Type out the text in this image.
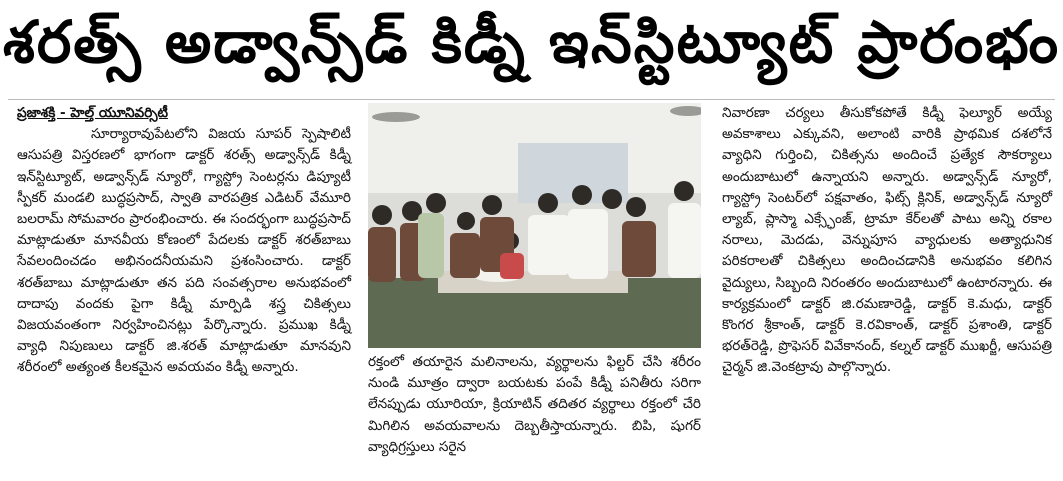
శరత్స్ అడ్వాన్స్‌డ్ కిడ్నీ ఇన్‌స్టిట్యూట్ ప్రారంభం

ప్రజాశక్తి - హెల్త్ యూనివర్సిటీ

సూర్యారావుపేటలోని విజయ సూపర్ స్పెషాలిటీ ఆసుపత్రి విస్తరణలో భాగంగా డాక్టర్ శరత్స్ అడ్వాన్స్‌డ్ కిడ్నీ ఇన్‌స్టిట్యూట్, అడ్వాన్స్‌డ్ న్యూరో, గ్యాస్ట్రో సెంటర్లను డిప్యూటీ స్పీకర్ మండలి బుద్ధప్రసాద్, స్వాతి వారపత్రిక ఎడిటర్ వేమూరి బలరామ్ సోమవారం ప్రారంభించారు. ఈ సందర్భంగా బుద్ధప్రసాద్ మాట్లాడుతూ మానవీయ కోణంలో పేదలకు డాక్టర్ శరత్‌బాబు సేవలందించడం అభినందనీయమని ప్రశంసించారు. డాక్టర్ శరత్‌బాబు మాట్లాడుతూ తన పది సంవత్సరాల అనుభవంలో దాదాపు వందకు పైగా కిడ్నీ మార్పిడి శస్త్ర చికిత్సలు విజయవంతంగా నిర్వహించినట్లు పేర్కొన్నారు. ప్రముఖ కిడ్నీ వ్యాధి నిపుణులు డాక్టర్ జి.శరత్ మాట్లాడుతూ మానవుని శరీరంలో అత్యంత కీలకమైన అవయవం కిడ్నీ అన్నారు.	రక్తంలో తయారైన మలినాలను, వ్యర్థాలను ఫిల్టర్ చేసి శరీరం నుండి మూత్రం ద్వారా బయటకు పంపే కిడ్నీ పనితీరు సరిగా లేనప్పుడు యూరియా, క్రియాటిన్ తదితర వ్యర్థాలు రక్తంలో చేరి మిగిలిన అవయవాలను దెబ్బతీస్తాయన్నారు. బిపి, షుగర్ వ్యాధిగ్రస్తులు సరైన

నివారణా చర్యలు తీసుకోకపోతే కిడ్నీ ఫెల్యూర్ అయ్యే అవకాశాలు ఎక్కువని, అలాంటి వారికి ప్రాథమిక దశలోనే వ్యాధిని గుర్తించి, చికిత్సను అందించే ప్రత్యేక సౌకర్యాలు అందుబాటులో ఉన్నాయని అన్నారు. అడ్వాన్స్‌డ్ న్యూరో, గ్యాస్ట్రో సెంటర్‌లో పక్షవాతం, ఫిట్స్ క్లినిక్, అడ్వాన్స్‌డ్ న్యూరో ల్యాబ్, ప్లాస్మా ఎక్స్ఛేంజ్, ట్రామా కేర్‌లతో పాటు అన్ని రకాల నరాలు, మెదడు, వెన్నుపూస వ్యాధులకు అత్యాధునిక పరికరాలతో చికిత్సలు అందించడానికి అనుభవం కలిగిన వైద్యులు, సిబ్బంది నిరంతరం అందుబాటులో ఉంటారన్నారు. ఈ కార్యక్రమంలో డాక్టర్ జి.రమణారెడ్డి, డాక్టర్ కె.మధు, డాక్టర్ కొంగర శ్రీకాంత్, డాక్టర్ కె.రవికాంత్, డాక్టర్ ప్రశాంతి, డాక్టర్ భరత్‌రెడ్డి, ప్రొఫెసర్ వివేకానంద్, కల్నల్ డాక్టర్ ముఖర్జీ, ఆసుపత్రి చైర్మన్ జి.వెంకట్రావు పాల్గొన్నారు.
